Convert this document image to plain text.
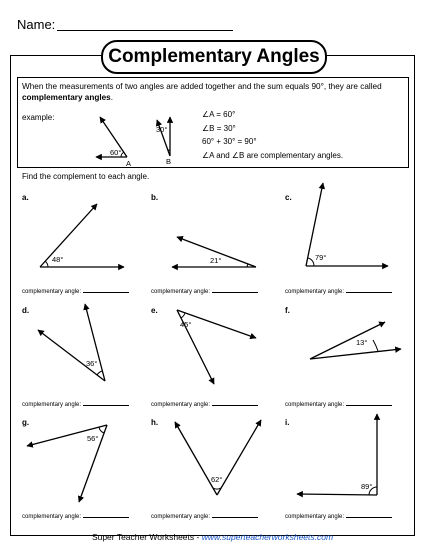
Name:
Complementary Angles
When the measurements of two angles are added together and the sum equals 90°, they are called complementary angles.
example:	∠A = 60°
∠B = 30°
60° + 30° = 90°
∠A and ∠B are complementary angles.
Find the complement to each angle.
a.	b.	c.
d.	e.	f.
g.	h.	i.
complementary angle:	complementary angle:	complementary angle:
complementary angle:	complementary angle:	complementary angle:
complementary angle:	complementary angle:	complementary angle:
60°
30°
A	B
48°	21°	79°
36°
45°
13°
56°
62°
89°
Super Teacher Worksheets - www.superteacherworksheets.com
